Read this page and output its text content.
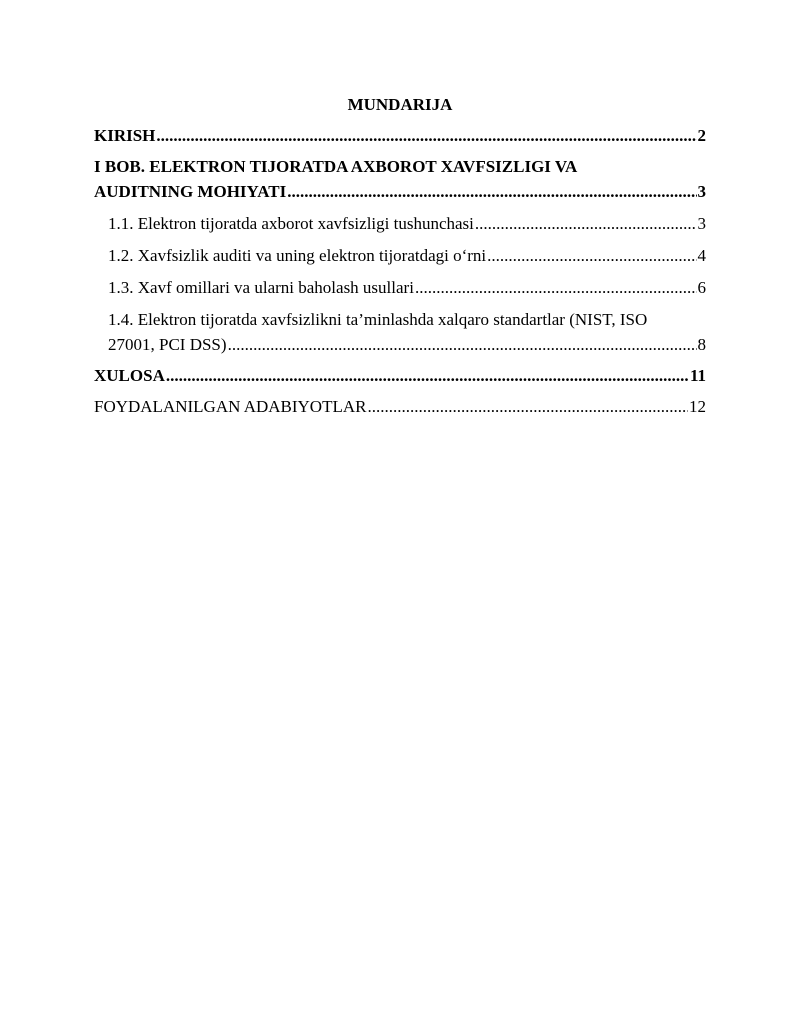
MUNDARIJA
KIRISH .....	2
I BOB. ELEKTRON TIJORATDA AXBOROT XAVFSIZLIGI VA
AUDITNING MOHIYATI .....	3
1.1. Elektron tijoratda axborot xavfsizligi tushunchasi .....	3
1.2. Xavfsizlik auditi va uning elektron tijoratdagi o‘rni .....	4
1.3. Xavf omillari va ularni baholash usullari .....	6
1.4. Elektron tijoratda xavfsizlikni ta’minlashda xalqaro standartlar (NIST, ISO
27001, PCI DSS) .....	8
XULOSA .....	11
FOYDALANILGAN ADABIYOTLAR .....	12
